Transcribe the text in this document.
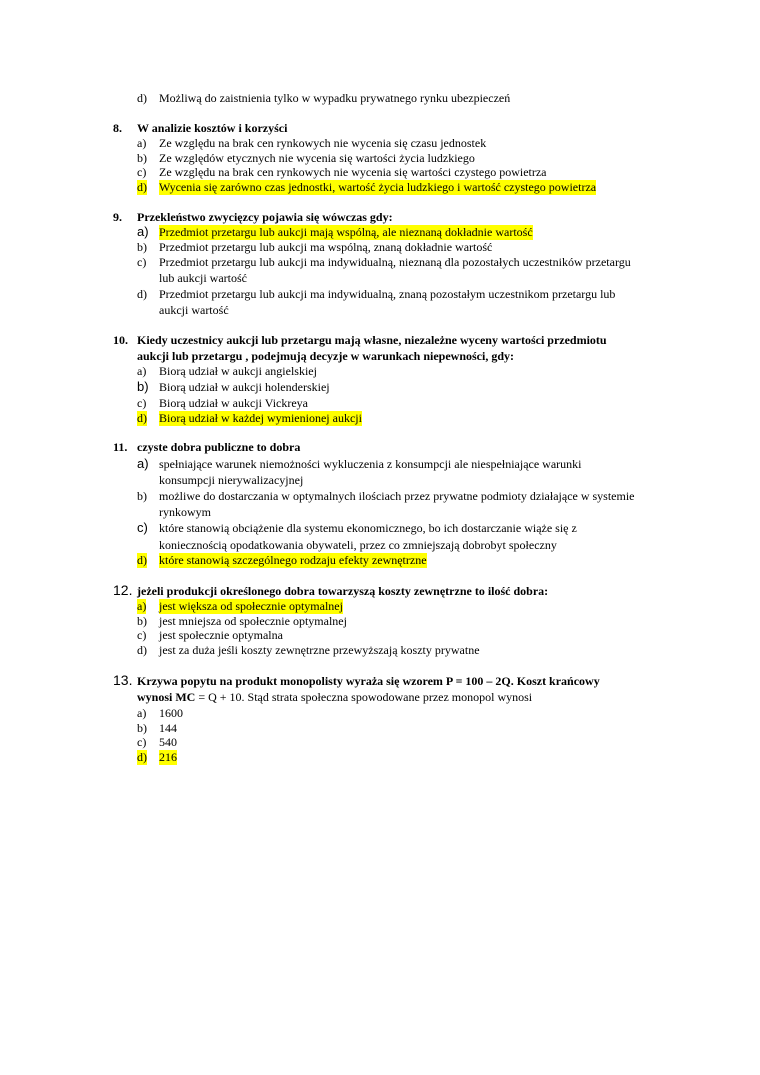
d) Możliwą do zaistnienia tylko w wypadku prywatnego rynku ubezpieczeń
8. W analizie kosztów i korzyści
a) Ze względu na brak cen rynkowych nie wycenia się czasu jednostek
b) Ze względów etycznych nie wycenia się wartości życia ludzkiego
c) Ze względu na brak cen rynkowych nie wycenia się wartości czystego powietrza
d) Wycenia się zarówno czas jednostki, wartość życia ludzkiego i wartość czystego powietrza
9. Przekleństwo zwycięzcy pojawia się wówczas gdy:
a) Przedmiot przetargu lub aukcji mają wspólną, ale nieznaną dokładnie wartość
b) Przedmiot przetargu lub aukcji ma wspólną, znaną dokładnie wartość
c) Przedmiot przetargu lub aukcji ma indywidualną, nieznaną dla pozostałych uczestników przetargu
lub aukcji wartość
d) Przedmiot przetargu lub aukcji ma indywidualną, znaną pozostałym uczestnikom przetargu lub
aukcji wartość
10. Kiedy uczestnicy aukcji lub przetargu mają własne, niezależne wyceny wartości przedmiotu
aukcji lub przetargu , podejmują decyzje w warunkach niepewności, gdy:
a) Biorą udział w aukcji angielskiej
b) Biorą udział w aukcji holenderskiej
c) Biorą udział w aukcji Vickreya
d) Biorą udział w każdej wymienionej aukcji
11. czyste dobra publiczne to dobra
a) spełniające warunek niemożności wykluczenia z konsumpcji ale niespełniające warunki
konsumpcji nierywalizacyjnej
b) możliwe do dostarczania w optymalnych ilościach przez prywatne podmioty działające w systemie
rynkowym
c) które stanowią obciążenie dla systemu ekonomicznego, bo ich dostarczanie wiąże się z
koniecznością opodatkowania obywateli, przez co zmniejszają dobrobyt społeczny
d) które stanowią szczególnego rodzaju efekty zewnętrzne
12. jeżeli produkcji określonego dobra towarzyszą koszty zewnętrzne to ilość dobra:
a) jest większa od społecznie optymalnej
b) jest mniejsza od społecznie optymalnej
c) jest społecznie optymalna
d) jest za duża jeśli koszty zewnętrzne przewyższają koszty prywatne
13. Krzywa popytu na produkt monopolisty wyraża się wzorem P = 100 – 2Q. Koszt krańcowy
wynosi MC = Q + 10. Stąd strata społeczna spowodowane przez monopol wynosi
a) 1600
b) 144
c) 540
d) 216
